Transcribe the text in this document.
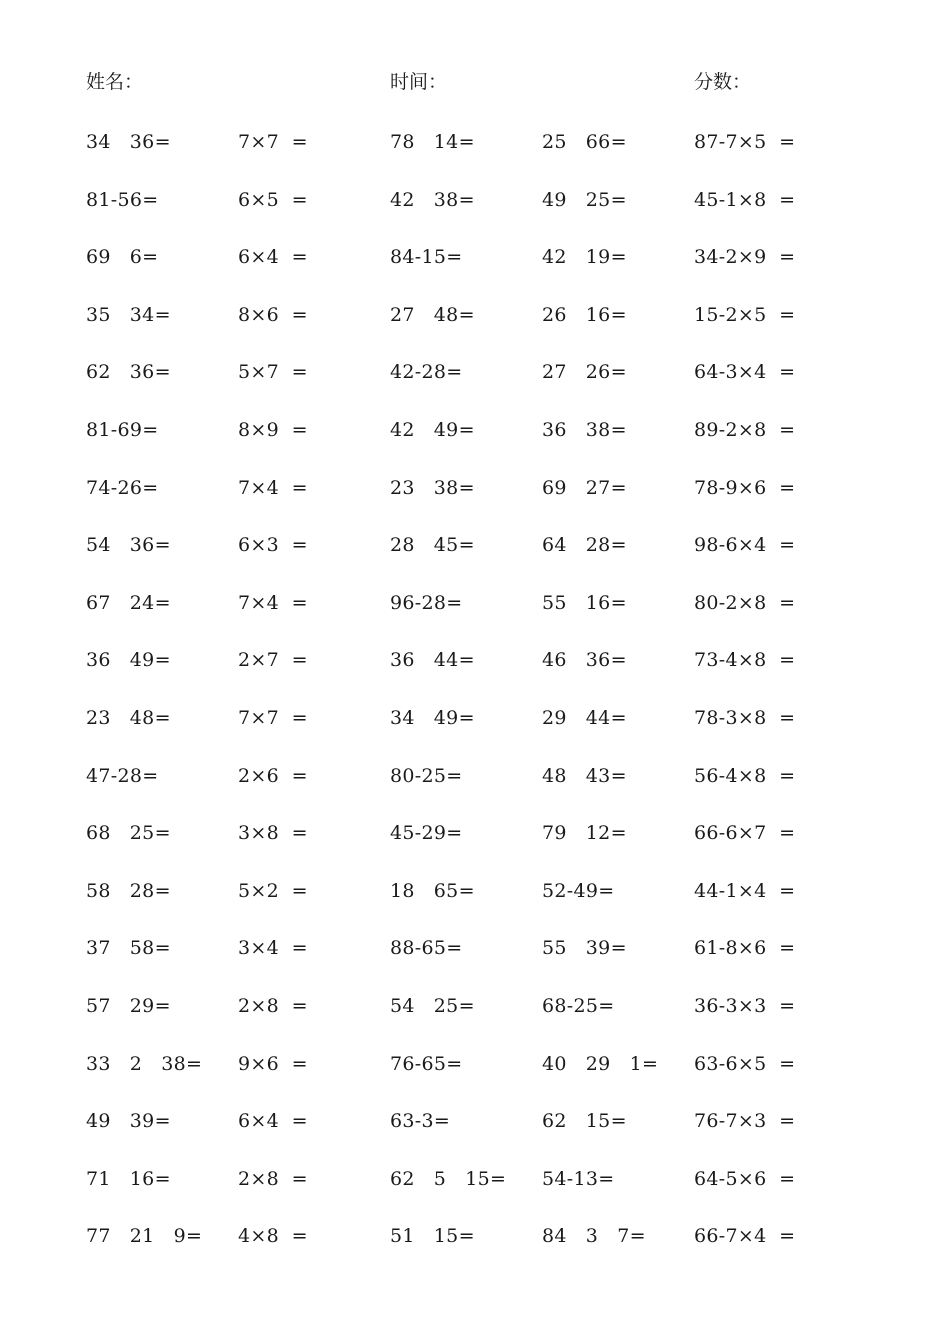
姓名：	时间：	分数：
34   36=	7×7  =	78   14=	25   66=	87-7×5  =
81-56=	6×5  =	42   38=	49   25=	45-1×8  =
69   6=	6×4  =	84-15=	42   19=	34-2×9  =
35   34=	8×6  =	27   48=	26   16=	15-2×5  =
62   36=	5×7  =	42-28=	27   26=	64-3×4  =
81-69=	8×9  =	42   49=	36   38=	89-2×8  =
74-26=	7×4  =	23   38=	69   27=	78-9×6  =
54   36=	6×3  =	28   45=	64   28=	98-6×4  =
67   24=	7×4  =	96-28=	55   16=	80-2×8  =
36   49=	2×7  =	36   44=	46   36=	73-4×8  =
23   48=	7×7  =	34   49=	29   44=	78-3×8  =
47-28=	2×6  =	80-25=	48   43=	56-4×8  =
68   25=	3×8  =	45-29=	79   12=	66-6×7  =
58   28=	5×2  =	18   65=	52-49=	44-1×4  =
37   58=	3×4  =	88-65=	55   39=	61-8×6  =
57   29=	2×8  =	54   25=	68-25=	36-3×3  =
33   2   38= 9×6  =	76-65=	40   29   1= 63-6×5  =
49   39=	6×4  =	63-3=	62   15=	76-7×3  =
71   16=	2×8  =	62   5   15= 54-13=	64-5×6  =
77   21   9= 4×8  =	51   15=	84   3   7=	66-7×4  =
